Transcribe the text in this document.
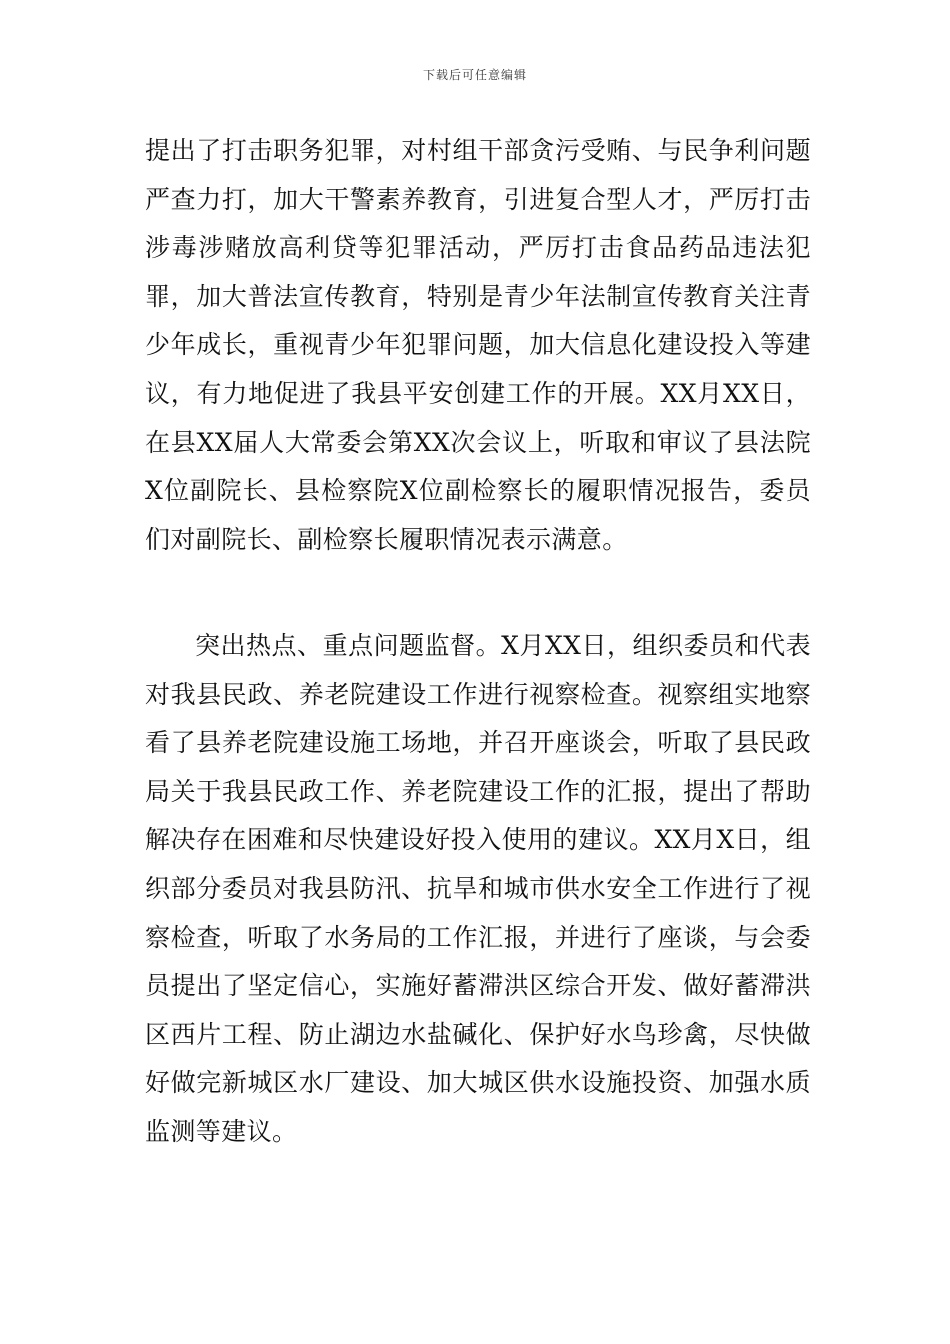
下载后可任意编辑

提出了打击职务犯罪，对村组干部贪污受贿、与民争利问题严查力打，加大干警素养教育，引进复合型人才，严厉打击涉毒涉赌放高利贷等犯罪活动，严厉打击食品药品违法犯罪，加大普法宣传教育，特别是青少年法制宣传教育关注青少年成长，重视青少年犯罪问题，加大信息化建设投入等建议，有力地促进了我县平安创建工作的开展。XX月XX日，在县XX届人大常委会第XX次会议上，听取和审议了县法院X位副院长、县检察院X位副检察长的履职情况报告，委员们对副院长、副检察长履职情况表示满意。

突出热点、重点问题监督。X月XX日，组织委员和代表对我县民政、养老院建设工作进行视察检查。视察组实地察看了县养老院建设施工场地，并召开座谈会，听取了县民政局关于我县民政工作、养老院建设工作的汇报，提出了帮助解决存在困难和尽快建设好投入使用的建议。XX月X日，组织部分委员对我县防汛、抗旱和城市供水安全工作进行了视察检查，听取了水务局的工作汇报，并进行了座谈，与会委员提出了坚定信心，实施好蓄滞洪区综合开发、做好蓄滞洪区西片工程、防止湖边水盐碱化、保护好水鸟珍禽，尽快做好做完新城区水厂建设、加大城区供水设施投资、加强水质监测等建议。
